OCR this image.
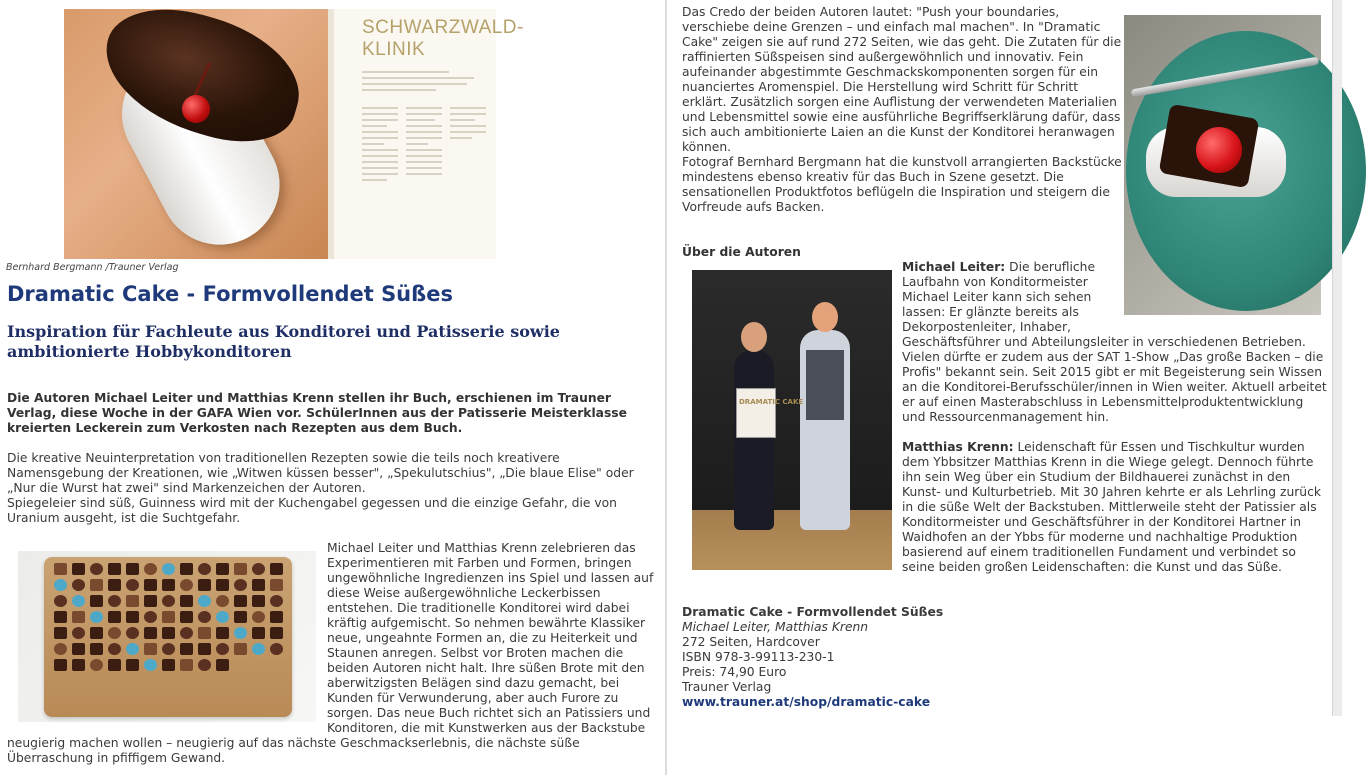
SCHWARZWALD-
KLINIK
Bernhard Bergmann /Trauner Verlag
Dramatic Cake - Formvollendet Süßes
Inspiration für Fachleute aus Konditorei und Patisserie sowie ambitionierte Hobbykonditoren
Die Autoren Michael Leiter und Matthias Krenn stellen ihr Buch, erschienen im Trauner Verlag, diese Woche in der GAFA Wien vor. SchülerInnen aus der Patisserie Meisterklasse kreierten Leckerein zum Verkosten nach Rezepten aus dem Buch.
Die kreative Neuinterpretation von traditionellen Rezepten sowie die teils noch kreativere Namensgebung der Kreationen, wie „Witwen küssen besser", „Spekulutschius", „Die blaue Elise" oder „Nur die Wurst hat zwei" sind Markenzeichen der Autoren.
Spiegeleier sind süß, Guinness wird mit der Kuchengabel gegessen und die einzige Gefahr, die von Uranium ausgeht, ist die Suchtgefahr.
Michael Leiter und Matthias Krenn zelebrieren das Experimentieren mit Farben und Formen, bringen ungewöhnliche Ingredienzen ins Spiel und lassen auf diese Weise außergewöhnliche Leckerbissen entstehen. Die traditionelle Konditorei wird dabei kräftig aufgemischt. So nehmen bewährte Klassiker neue, ungeahnte Formen an, die zu Heiterkeit und Staunen anregen. Selbst vor Broten machen die beiden Autoren nicht halt. Ihre süßen Brote mit den aberwitzigsten Belägen sind dazu gemacht, bei Kunden für Verwunderung, aber auch Furore zu sorgen. Das neue Buch richtet sich an Patissiers und Konditoren, die mit Kunstwerken aus der Backstube
neugierig machen wollen – neugierig auf das nächste Geschmackserlebnis, die nächste süße Überraschung in pfiffigem Gewand.
Das Credo der beiden Autoren lautet: "Push your boundaries, verschiebe deine Grenzen – und einfach mal machen". In "Dramatic Cake" zeigen sie auf rund 272 Seiten, wie das geht. Die Zutaten für die raffinierten Süßspeisen sind außergewöhnlich und innovativ. Fein aufeinander abgestimmte Geschmackskomponenten sorgen für ein nuanciertes Aromenspiel. Die Herstellung wird Schritt für Schritt erklärt. Zusätzlich sorgen eine Auflistung der verwendeten Materialien und Lebensmittel sowie eine ausführliche Begriffserklärung dafür, dass sich auch ambitionierte Laien an die Kunst der Konditorei heranwagen können.
Fotograf Bernhard Bergmann hat die kunstvoll arrangierten Backstücke mindestens ebenso kreativ für das Buch in Szene gesetzt. Die sensationellen Produktfotos beflügeln die Inspiration und steigern die Vorfreude aufs Backen.
Über die Autoren
DRAMATIC CAKE
Michael Leiter: Die berufliche Laufbahn von Konditormeister Michael Leiter kann sich sehen lassen: Er glänzte bereits als Dekorpostenleiter, Inhaber,
Geschäftsführer und Abteilungsleiter in verschiedenen Betrieben. Vielen dürfte er zudem aus der SAT 1-Show „Das große Backen – die Profis" bekannt sein. Seit 2015 gibt er mit Begeisterung sein Wissen an die Konditorei-Berufsschüler/innen in Wien weiter. Aktuell arbeitet er auf einen Masterabschluss in Lebensmittelproduktentwicklung und Ressourcenmanagement hin.
Matthias Krenn: Leidenschaft für Essen und Tischkultur wurden dem Ybbsitzer Matthias Krenn in die Wiege gelegt. Dennoch führte ihn sein Weg über ein Studium der Bildhauerei zunächst in den Kunst- und Kulturbetrieb. Mit 30 Jahren kehrte er als Lehrling zurück in die süße Welt der Backstuben. Mittlerweile steht der Patissier als Konditormeister und Geschäftsführer in der Konditorei Hartner in Waidhofen an der Ybbs für moderne und nachhaltige Produktion basierend auf einem traditionellen Fundament und verbindet so seine beiden großen Leidenschaften: die Kunst und das Süße.
Dramatic Cake - Formvollendet Süßes
Michael Leiter, Matthias Krenn
272 Seiten, Hardcover
ISBN 978-3-99113-230-1
Preis: 74,90 Euro
Trauner Verlag
www.trauner.at/shop/dramatic-cake
